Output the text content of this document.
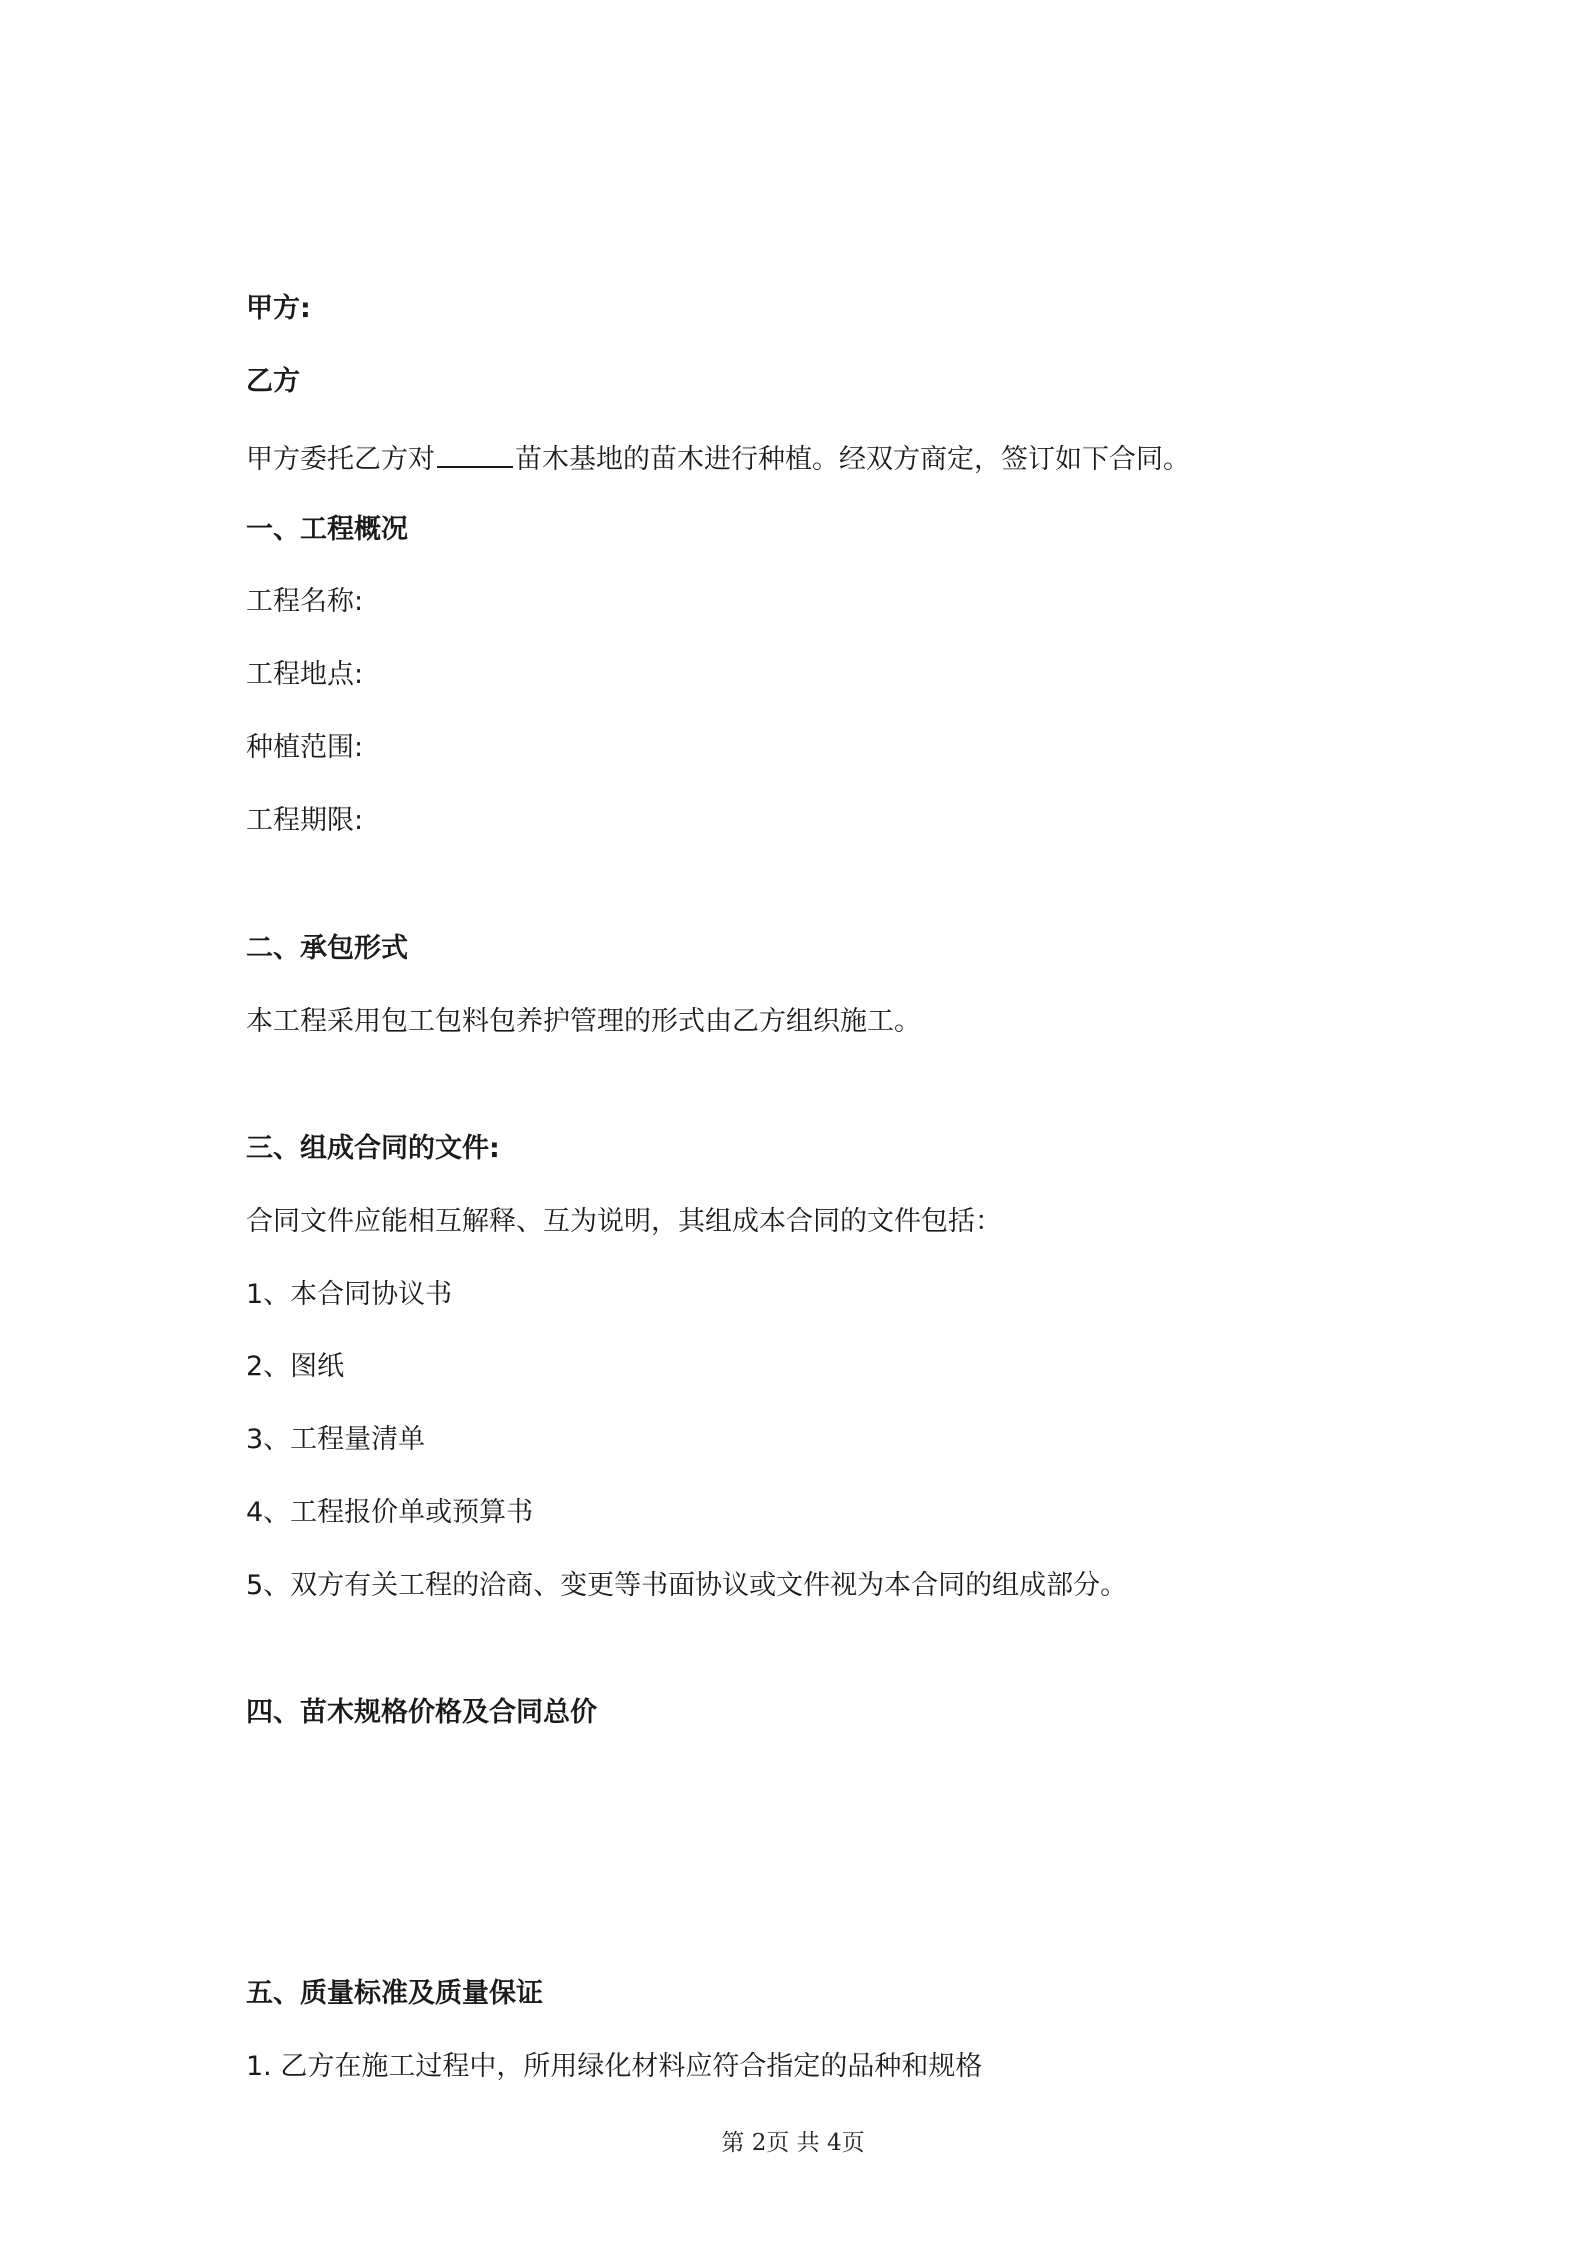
甲方:
乙方
甲方委托乙方对	苗木基地的苗木进行种植。经双方商定，签订如下合同。
一、工程概况
工程名称:
工程地点:
种植范围:
工程期限:
二、承包形式
本工程采用包工包料包养护管理的形式由乙方组织施工。
三、组成合同的文件:
合同文件应能相互解释、互为说明，其组成本合同的文件包括：
1、本合同协议书
2、图纸
3、工程量清单
4、工程报价单或预算书
5、双方有关工程的洽商、变更等书面协议或文件视为本合同的组成部分。
四、苗木规格价格及合同总价
五、质量标准及质量保证
1. 乙方在施工过程中，所用绿化材料应符合指定的品种和规格
第 2页 共 4页
